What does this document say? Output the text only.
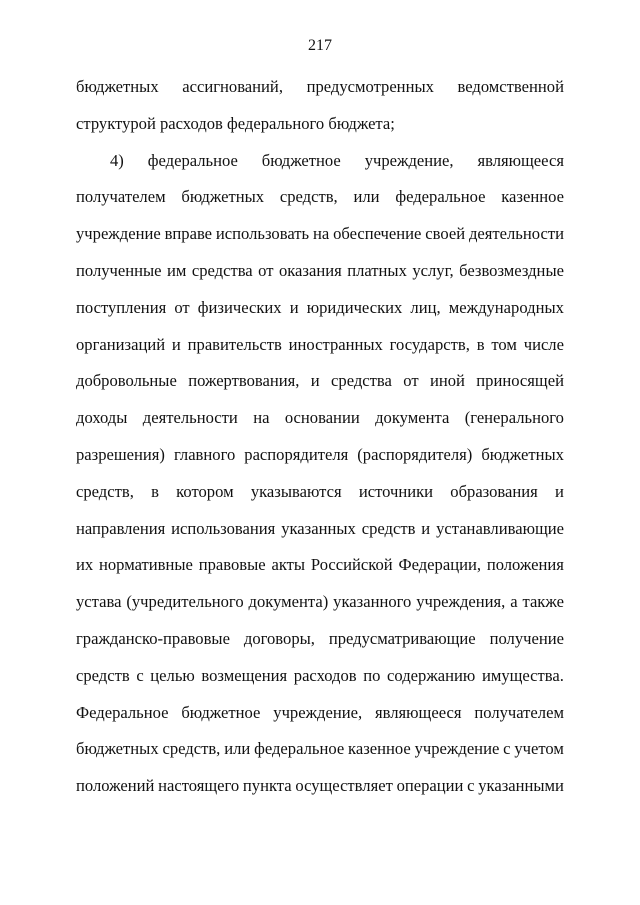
217
бюджетных ассигнований, предусмотренных ведомственной
структурой расходов федерального бюджета;
4) федеральное бюджетное учреждение, являющееся
получателем бюджетных средств, или федеральное казенное
учреждение вправе использовать на обеспечение своей деятельности
полученные им средства от оказания платных услуг, безвозмездные
поступления от физических и юридических лиц, международных
организаций и правительств иностранных государств, в том числе
добровольные пожертвования, и средства от иной приносящей
доходы деятельности на основании документа (генерального
разрешения) главного распорядителя (распорядителя) бюджетных
средств, в котором указываются источники образования и
направления использования указанных средств и устанавливающие
их нормативные правовые акты Российской Федерации, положения
устава (учредительного документа) указанного учреждения, а также
гражданско-правовые договоры, предусматривающие получение
средств с целью возмещения расходов по содержанию имущества.
Федеральное бюджетное учреждение, являющееся получателем
бюджетных средств, или федеральное казенное учреждение с учетом
положений настоящего пункта осуществляет операции с указанными
